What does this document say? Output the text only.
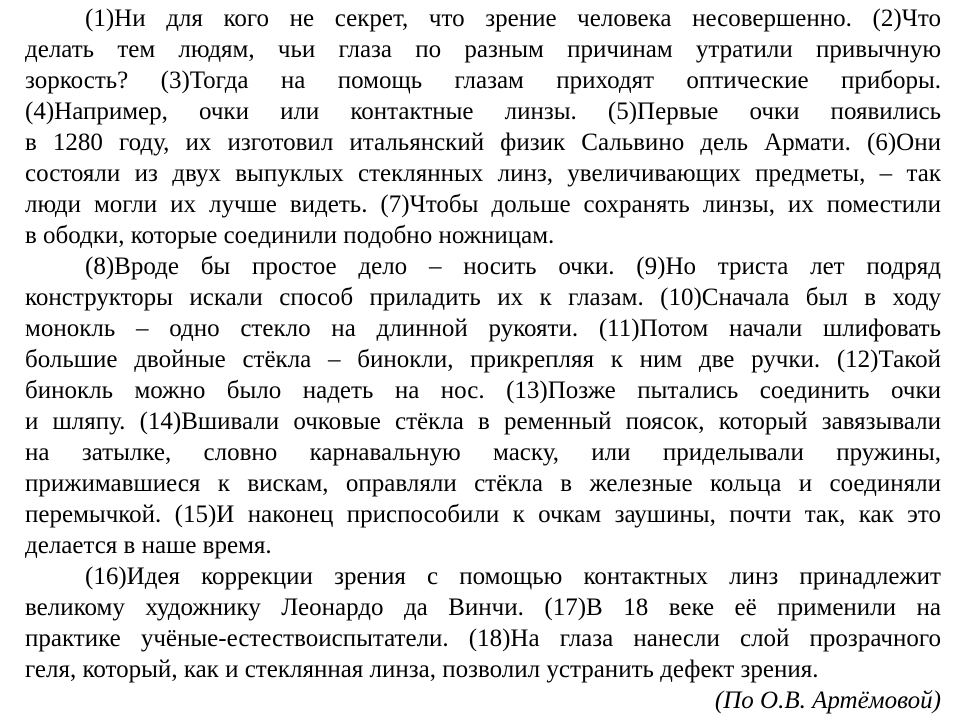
(1)Ни для кого не секрет, что зрение человека несовершенно. (2)Что
делать тем людям, чьи глаза по разным причинам утратили привычную
зоркость? (3)Тогда на помощь глазам приходят оптические приборы.
(4)Например, очки или контактные линзы. (5)Первые очки появились
в 1280 году, их изготовил итальянский физик Сальвино дель Армати. (6)Они
состояли из двух выпуклых стеклянных линз, увеличивающих предметы, – так
люди могли их лучше видеть. (7)Чтобы дольше сохранять линзы, их поместили
в ободки, которые соединили подобно ножницам.
(8)Вроде бы простое дело – носить очки. (9)Но триста лет подряд
конструкторы искали способ приладить их к глазам. (10)Сначала был в ходу
монокль – одно стекло на длинной рукояти. (11)Потом начали шлифовать
большие двойные стёкла – бинокли, прикрепляя к ним две ручки. (12)Такой
бинокль можно было надеть на нос. (13)Позже пытались соединить очки
и шляпу. (14)Вшивали очковые стёкла в ременный поясок, который завязывали
на затылке, словно карнавальную маску, или приделывали пружины,
прижимавшиеся к вискам, оправляли стёкла в железные кольца и соединяли
перемычкой. (15)И наконец приспособили к очкам заушины, почти так, как это
делается в наше время.
(16)Идея коррекции зрения с помощью контактных линз принадлежит
великому художнику Леонардо да Винчи. (17)В 18 веке её применили на
практике учёные-естествоиспытатели. (18)На глаза нанесли слой прозрачного
геля, который, как и стеклянная линза, позволил устранить дефект зрения.
(По О.В. Артёмовой)
